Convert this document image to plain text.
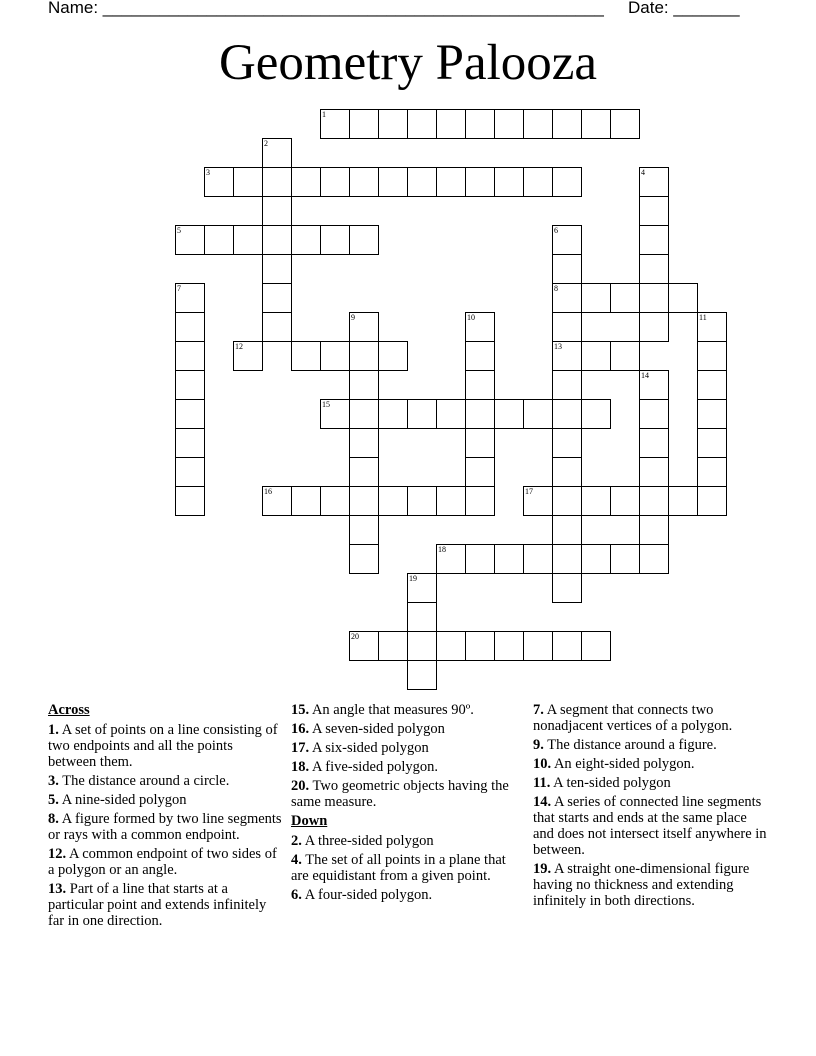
Name: _____________________________________________________ Date: _______
Geometry Palooza
1
2
3	4
5	6
8
13
7
9	10	11
12
14
15
16	17
18
19
20
Across
1. A set of points on a line consisting of two endpoints and all the points between them.
3. The distance around a circle.
5. A nine-sided polygon
8. A figure formed by two line segments or rays with a common endpoint.
12. A common endpoint of two sides of a polygon or an angle.
13. Part of a line that starts at a particular point and extends infinitely far in one direction.
15. An angle that measures 90º.
16. A seven-sided polygon
17. A six-sided polygon
18. A five-sided polygon.
20. Two geometric objects having the same measure.
Down
2. A three-sided polygon
4. The set of all points in a plane that are equidistant from a given point.
6. A four-sided polygon.
7. A segment that connects two nonadjacent vertices of a polygon.
9. The distance around a figure.
10. An eight-sided polygon.
11. A ten-sided polygon
14. A series of connected line segments that starts and ends at the same place and does not intersect itself anywhere in between.
19. A straight one-dimensional figure having no thickness and extending infinitely in both directions.
